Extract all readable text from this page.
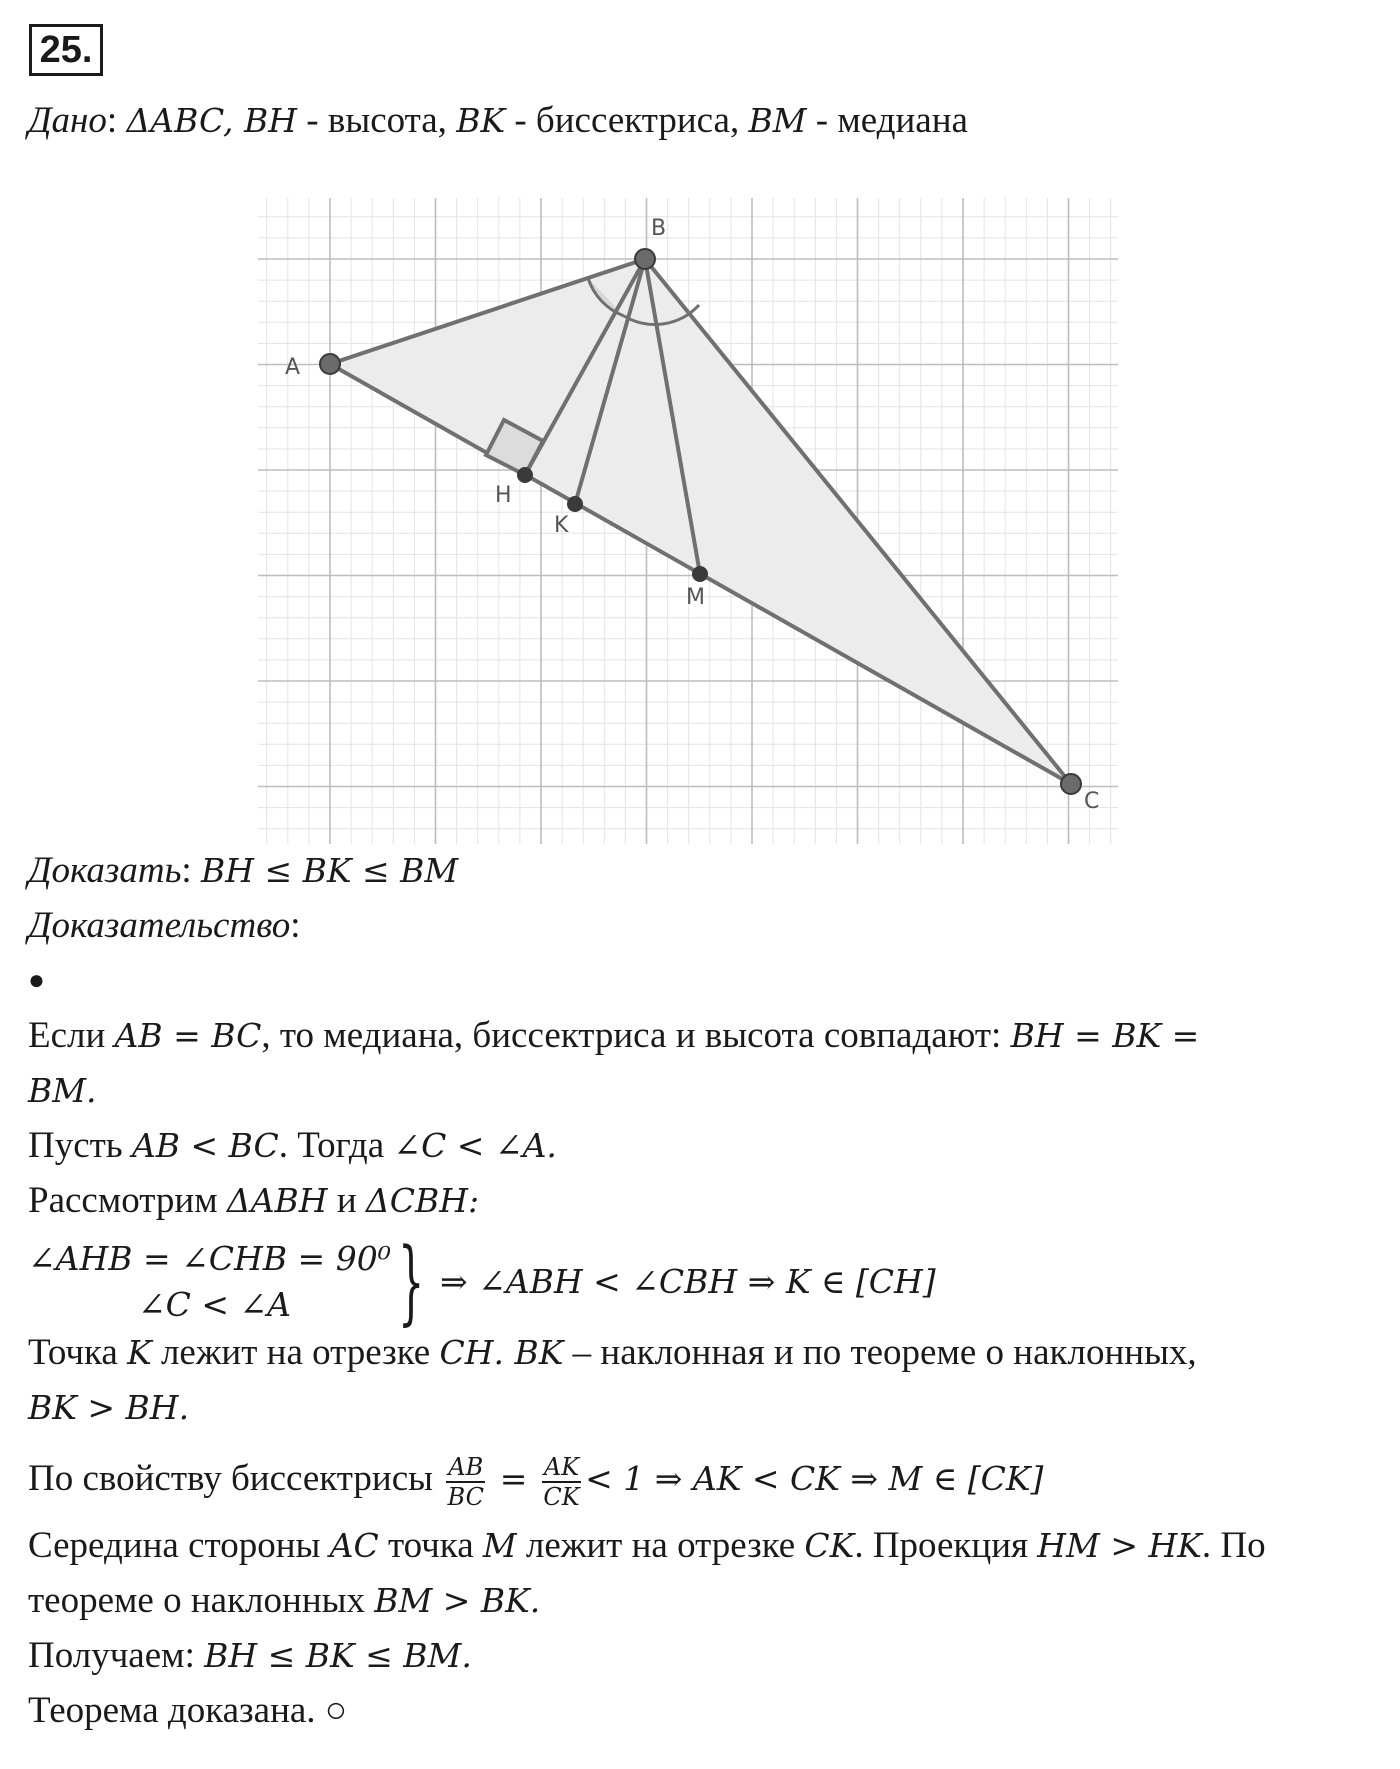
25.
Дано: ΔABC, BH - высота, BK - биссектриса, BM - медиана
A
B
C
H
K
M
Доказать: BH ≤ BK ≤ BM
Доказательство:
●
Если AB = BC, то медиана, биссектриса и высота совпадают: BH = BK =
BM.
Пусть AB < BC. Тогда ∠C < ∠A.
Рассмотрим ΔABH и ΔCBH:
∠AHB = ∠CHB = 90⁰
∠C < ∠A } ⇒ ∠ABH < ∠CBH ⇒ K ∈ [CH]
Точка K лежит на отрезке CH. BK – наклонная и по теореме о наклонных,
BK > BH.
По свойству биссектрисы $\frac{AB}{BC} = \frac{AK}{CK} < 1$ ⇒ AK < CK ⇒ M ∈ [CK]
Середина стороны AC точка M лежит на отрезке CK. Проекция HM > HK. По
теореме о наклонных BM > BK.
Получаем: BH ≤ BK ≤ BM.
Теорема доказана. ○
